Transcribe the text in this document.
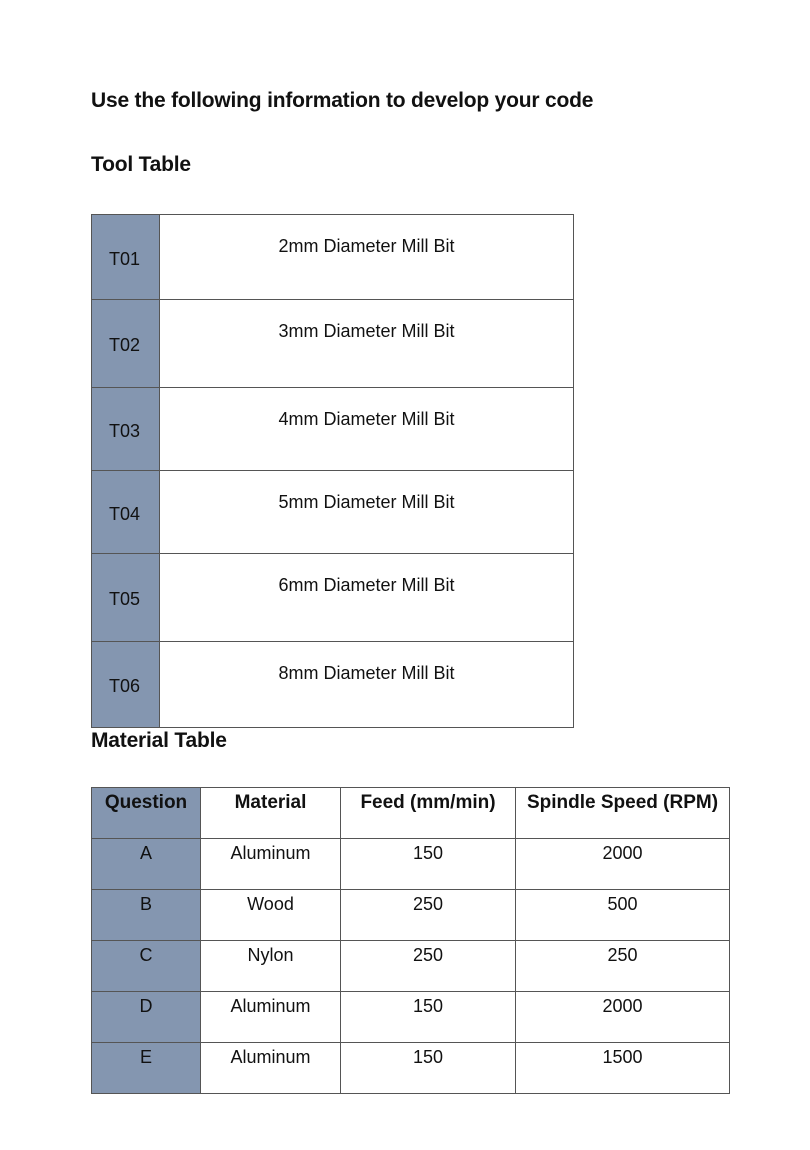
Use the following information to develop your code
Tool Table
T01	2mm Diameter Mill Bit
T02	3mm Diameter Mill Bit
T03	4mm Diameter Mill Bit
T04	5mm Diameter Mill Bit
T05	6mm Diameter Mill Bit
T06	8mm Diameter Mill Bit
Material Table
Question	Material	Feed (mm/min)	Spindle Speed (RPM)
A	Aluminum	150	2000
B	Wood	250	500
C	Nylon	250	250
D	Aluminum	150	2000
E	Aluminum	150	1500
